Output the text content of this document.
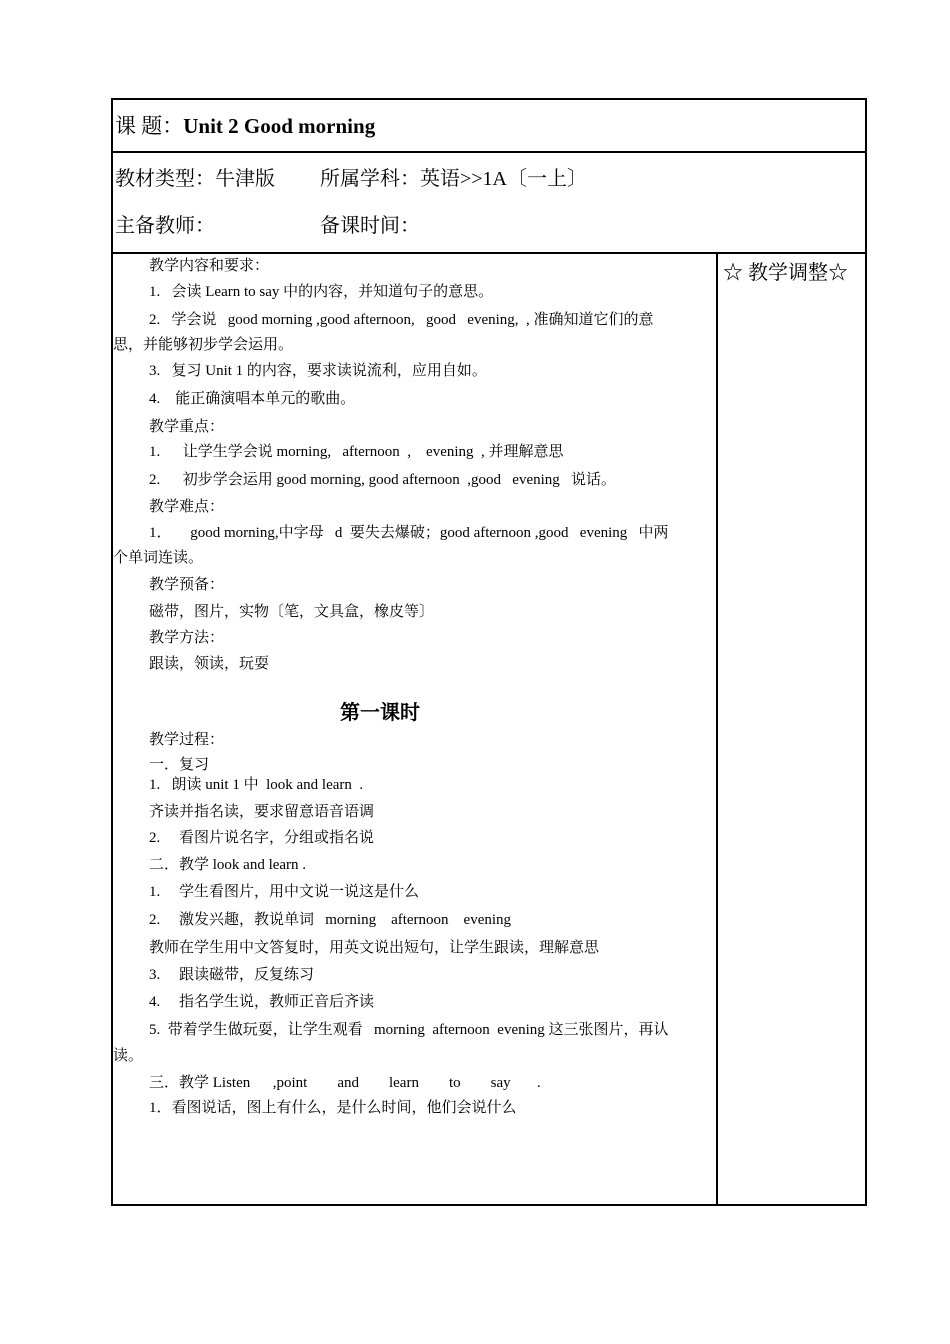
课 题：Unit 2 Good morning
教材类型：牛津版 所属学科：英语>>1A〔一上〕
主备教师：	备课时间：
☆ 教学调整☆
教学内容和要求：
1.   会读 Learn to say 中的内容，并知道句子的意思。
2.   学会说   good morning ,good afternoon,   good   evening,  , 准确知道它们的意
思，并能够初步学会运用。
3.   复习 Unit 1 的内容，要求读说流利，应用自如。
4.    能正确演唱本单元的歌曲。
教学重点：
1.      让学生学会说 morning,   afternoon  ,    evening  , 并理解意思
2.      初步学会运用 good morning, good afternoon  ,good   evening   说话。
教学难点：
1．     good morning,中字母   d  要失去爆破；good afternoon ,good   evening   中两
个单词连读。
教学预备：
磁带，图片，实物〔笔，文具盒，橡皮等〕
教学方法：
跟读，领读，玩耍
第一课时
教学过程：
一．复习
1.   朗读 unit 1 中  look and learn  .
齐读并指名读，要求留意语音语调
2.     看图片说名字，分组或指名说
二．教学 look and learn .
1.     学生看图片，用中文说一说这是什么
2.     激发兴趣，教说单词   morning    afternoon    evening
教师在学生用中文答复时，用英文说出短句，让学生跟读，理解意思
3.     跟读磁带，反复练习
4.     指名学生说，教师正音后齐读
5.  带着学生做玩耍，让学生观看   morning  afternoon  evening 这三张图片，再认
读。
三．教学 Listen      ,point        and        learn        to        say       .
1．看图说话，图上有什么，是什么时间，他们会说什么
